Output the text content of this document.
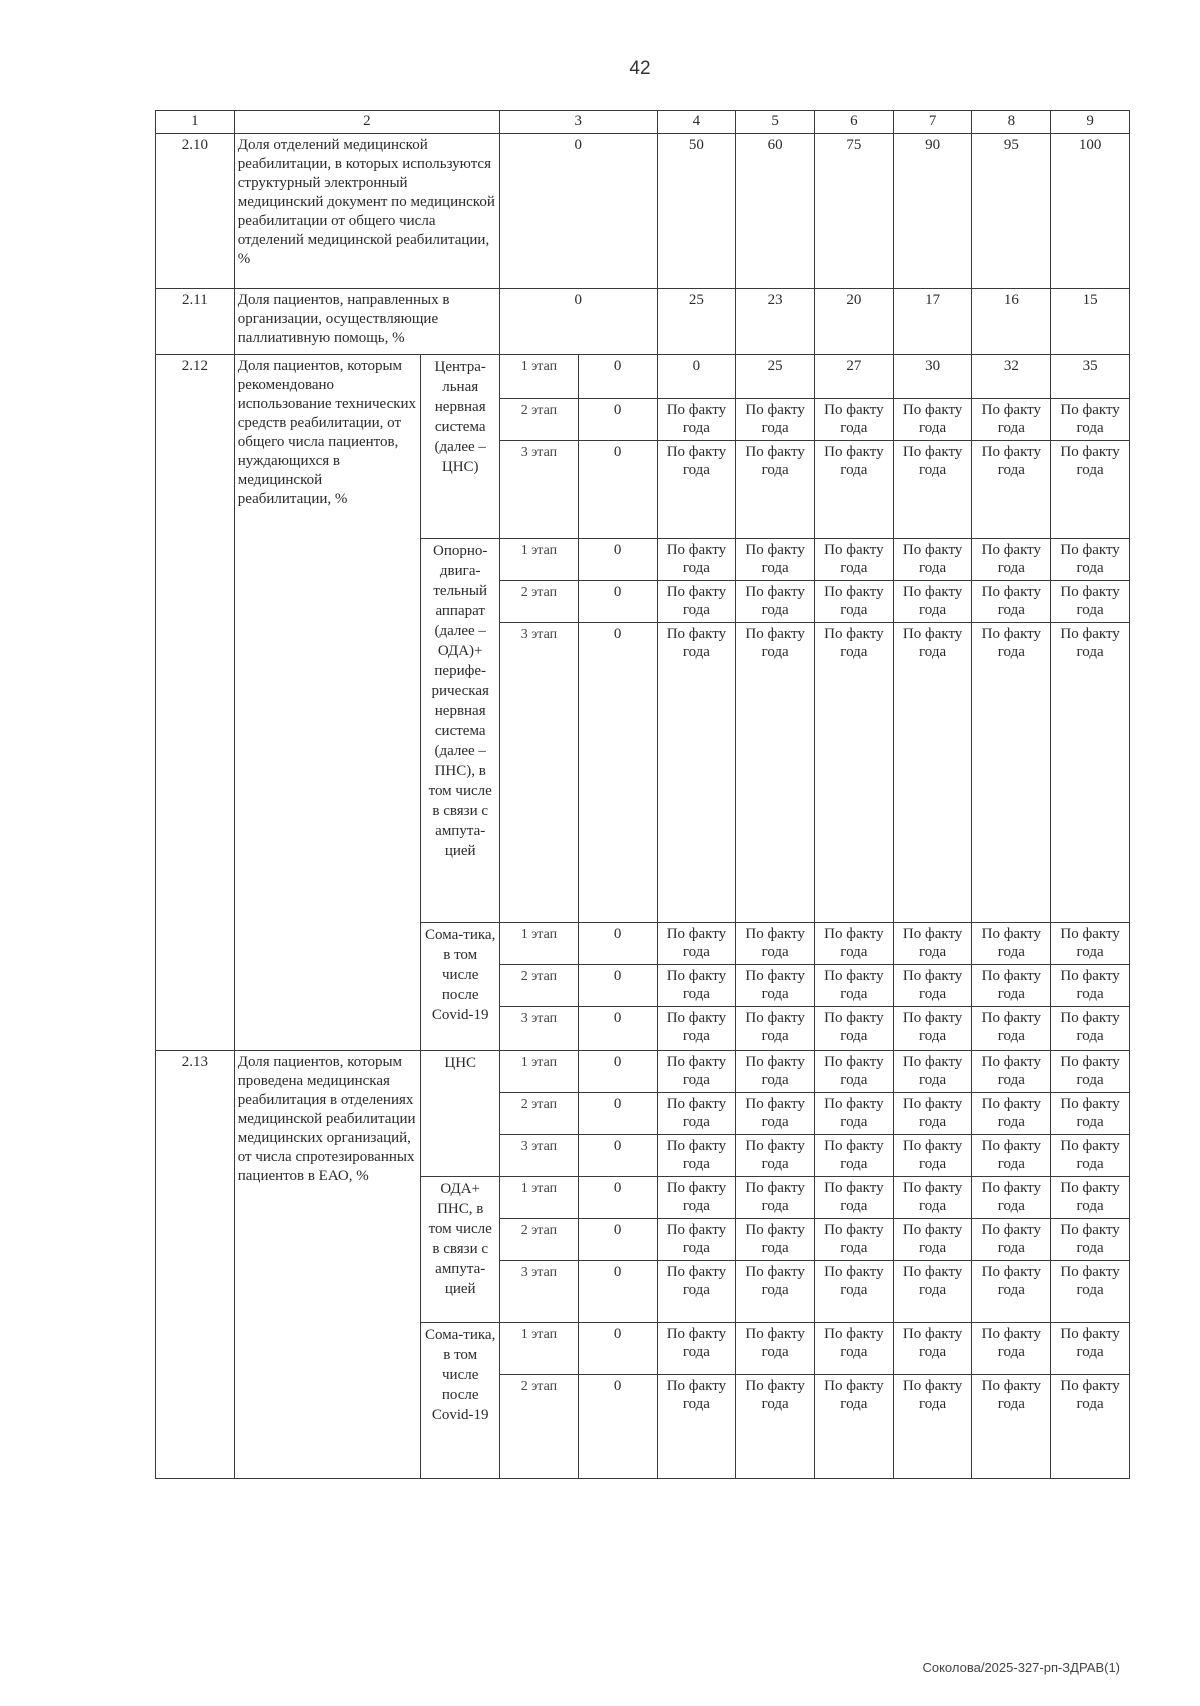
42
1	2		3		4	5	6	7	8	9
2.10	Доля отделений медицинской реабилитации, в которых используются структурный электронный медицинский документ по медицинской реабилитации от общего числа отделений медицинской реабилитации, %		0		50	60	75	90	95	100
2.11	Доля пациентов, направленных в организации, осуществляющие паллиативную помощь, %		0		25	23	20	17	16	15
2.12	Доля пациентов, которым рекомендовано использование технических средств реабилитации, от общего числа пациентов, нуждающихся в медицинской реабилитации, %	Центра-льная нервная система (далее – ЦНС)	1 этап	0	0	25	27	30	32	35
			2 этап	0	По факту года	По факту года	По факту года	По факту года	По факту года	По факту года
			3 этап	0	По факту года	По факту года	По факту года	По факту года	По факту года	По факту года
		Опорно-двига-тельный аппарат (далее – ОДА)+ перифе-рическая нервная система (далее – ПНС), в том числе в связи с ампута-цией	1 этап	0	По факту года	По факту года	По факту года	По факту года	По факту года	По факту года
			2 этап	0	По факту года	По факту года	По факту года	По факту года	По факту года	По факту года
			3 этап	0	По факту года	По факту года	По факту года	По факту года	По факту года	По факту года
		Сома-тика, в том числе после Covid-19	1 этап	0	По факту года	По факту года	По факту года	По факту года	По факту года	По факту года
			2 этап	0	По факту года	По факту года	По факту года	По факту года	По факту года	По факту года
			3 этап	0	По факту года	По факту года	По факту года	По факту года	По факту года	По факту года
2.13	Доля пациентов, которым проведена медицинская реабилитация в отделениях медицинской реабилитации медицинских организаций, от числа спротезированных пациентов в ЕАО, %	ЦНС	1 этап	0	По факту года	По факту года	По факту года	По факту года	По факту года	По факту года
			2 этап	0	По факту года	По факту года	По факту года	По факту года	По факту года	По факту года
			3 этап	0	По факту года	По факту года	По факту года	По факту года	По факту года	По факту года
		ОДА+ ПНС, в том числе в связи с ампута-цией	1 этап	0	По факту года	По факту года	По факту года	По факту года	По факту года	По факту года
			2 этап	0	По факту года	По факту года	По факту года	По факту года	По факту года	По факту года
			3 этап	0	По факту года	По факту года	По факту года	По факту года	По факту года	По факту года
		Сома-тика, в том числе после Covid-19	1 этап	0	По факту года	По факту года	По факту года	По факту года	По факту года	По факту года
			2 этап	0	По факту года	По факту года	По факту года	По факту года	По факту года	По факту года
Соколова/2025-327-рп-ЗДРАВ(1)
